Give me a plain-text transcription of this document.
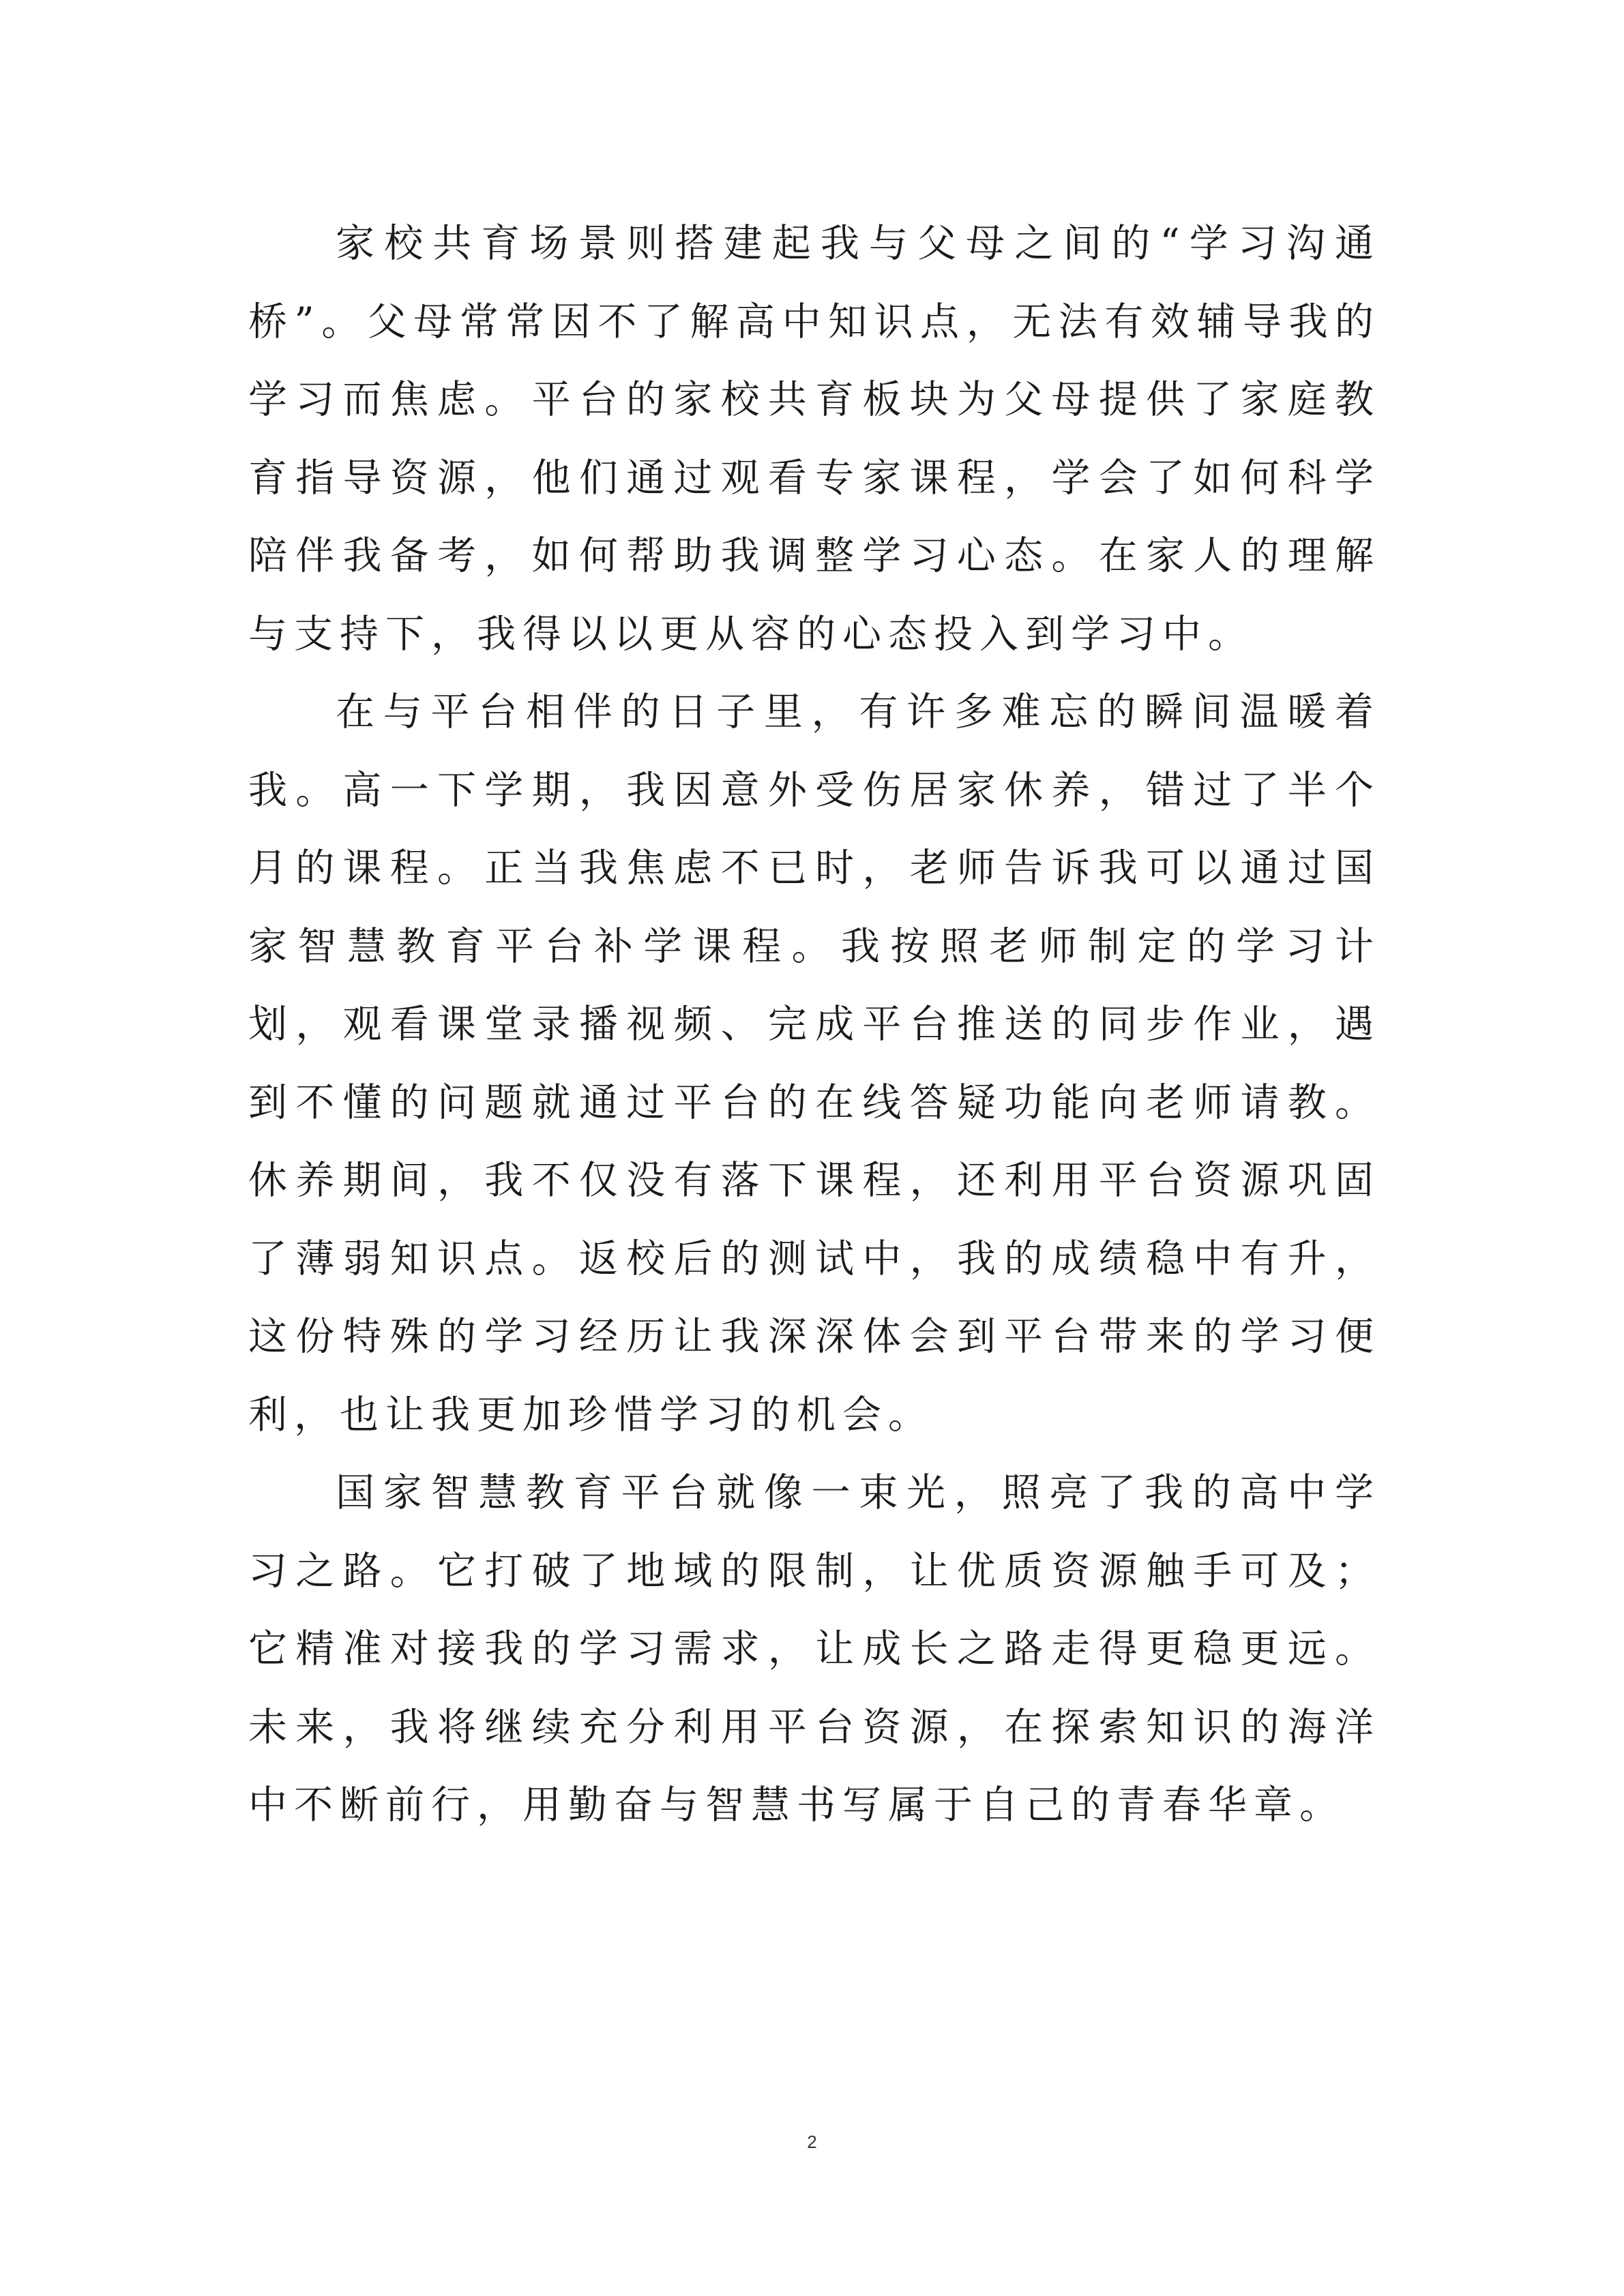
家校共育场景则搭建起我与父母之间的“学习沟通桥”。父母常常因不了解高中知识点，无法有效辅导我的学习而焦虑。平台的家校共育板块为父母提供了家庭教育指导资源，他们通过观看专家课程，学会了如何科学陪伴我备考，如何帮助我调整学习心态。在家人的理解与支持下，我得以以更从容的心态投入到学习中。

在与平台相伴的日子里，有许多难忘的瞬间温暖着我。高一下学期，我因意外受伤居家休养，错过了半个月的课程。正当我焦虑不已时，老师告诉我可以通过国家智慧教育平台补学课程。我按照老师制定的学习计划，观看课堂录播视频、完成平台推送的同步作业，遇到不懂的问题就通过平台的在线答疑功能向老师请教。休养期间，我不仅没有落下课程，还利用平台资源巩固了薄弱知识点。返校后的测试中，我的成绩稳中有升，这份特殊的学习经历让我深深体会到平台带来的学习便利，也让我更加珍惜学习的机会。

国家智慧教育平台就像一束光，照亮了我的高中学习之路。它打破了地域的限制，让优质资源触手可及；它精准对接我的学习需求，让成长之路走得更稳更远。未来，我将继续充分利用平台资源，在探索知识的海洋中不断前行，用勤奋与智慧书写属于自己的青春华章。

2
